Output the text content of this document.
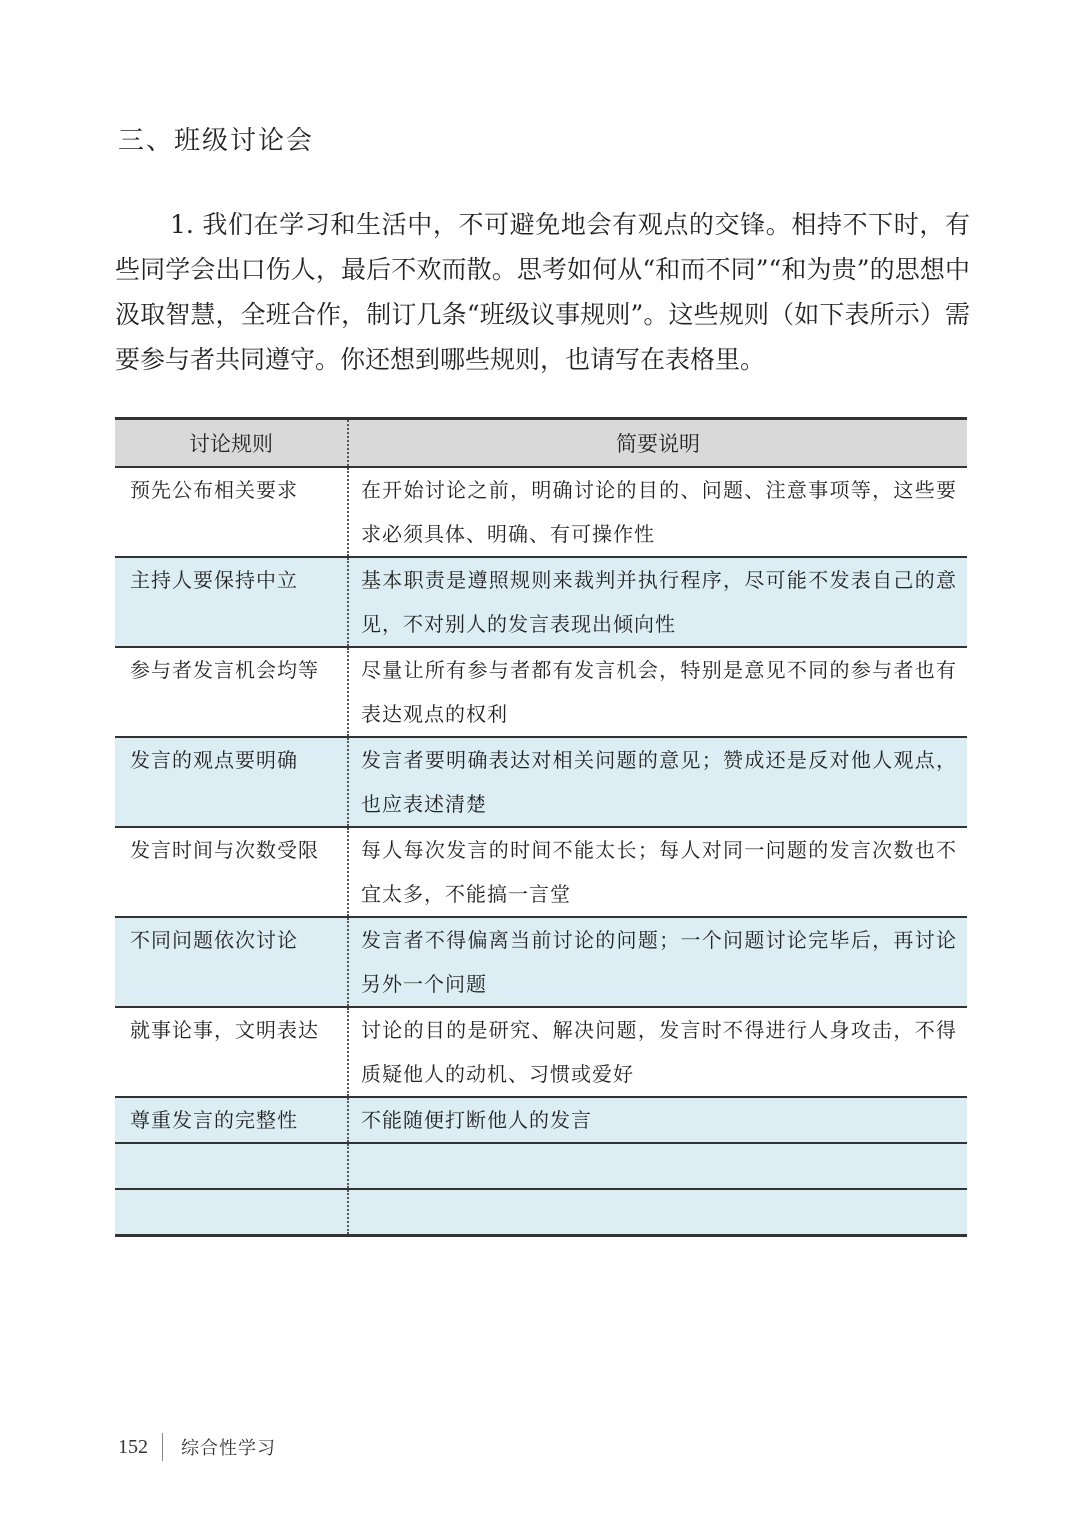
三、班级讨论会

1. 我们在学习和生活中，不可避免地会有观点的交锋。相持不下时，有些同学会出口伤人，最后不欢而散。思考如何从“和而不同”“和为贵”的思想中汲取智慧，全班合作，制订几条“班级议事规则”。这些规则（如下表所示）需要参与者共同遵守。你还想到哪些规则，也请写在表格里。

讨论规则	简要说明
预先公布相关要求	在开始讨论之前，明确讨论的目的、问题、注意事项等，这些要求必须具体、明确、有可操作性
主持人要保持中立	基本职责是遵照规则来裁判并执行程序，尽可能不发表自己的意见，不对别人的发言表现出倾向性
参与者发言机会均等	尽量让所有参与者都有发言机会，特别是意见不同的参与者也有表达观点的权利
发言的观点要明确	发言者要明确表达对相关问题的意见；赞成还是反对他人观点，也应表述清楚
发言时间与次数受限	每人每次发言的时间不能太长；每人对同一问题的发言次数也不宜太多，不能搞一言堂
不同问题依次讨论	发言者不得偏离当前讨论的问题；一个问题讨论完毕后，再讨论另外一个问题
就事论事，文明表达	讨论的目的是研究、解决问题，发言时不得进行人身攻击，不得质疑他人的动机、习惯或爱好
尊重发言的完整性	不能随便打断他人的发言

152 综合性学习
